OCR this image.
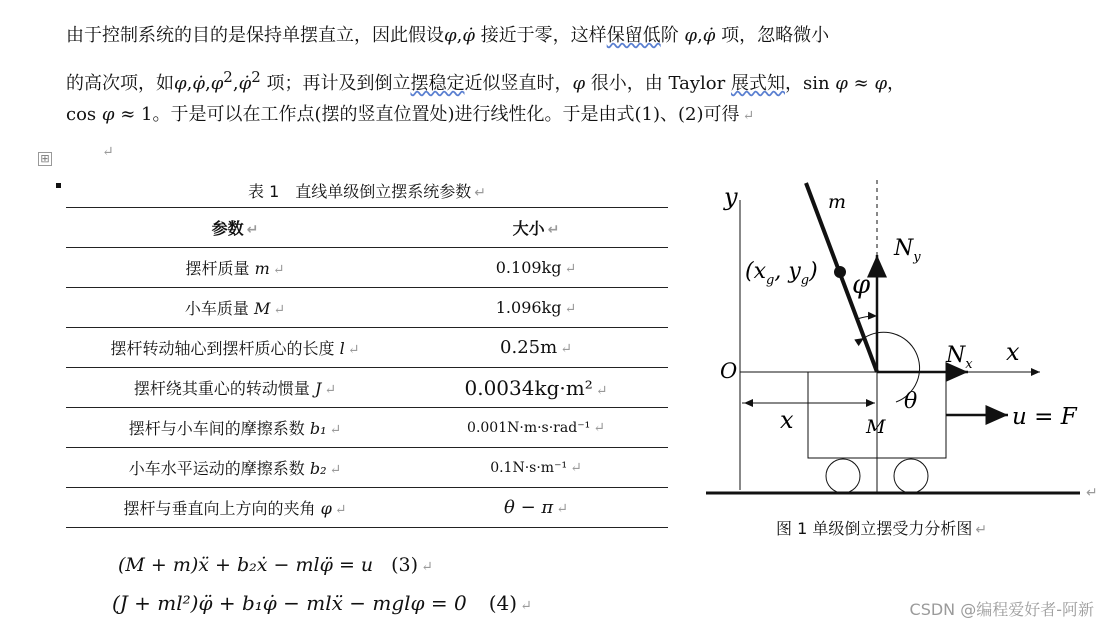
由于控制系统的目的是保持单摆直立，因此假设φ,φ̇ 接近于零，这样保留低阶 φ,φ̇ 项，忽略微小
的高次项，如$\varphi,\varphi̇,\varphi^2,\varphi̇^2$ 项；再计及到倒立摆稳定近似竖直时，φ 很小，由 Taylor 展式知，sin φ ≈ φ，
cos φ ≈ 1。于是可以在工作点(摆的竖直位置处)进行线性化。于是由式(1)、(2)可得 ↵
⊞	↵
表 1　直线单级倒立摆系统参数 ↵
参数 ↵	大小 ↵
摆杆质量 m ↵	0.109kg ↵
小车质量 M ↵	1.096kg ↵
摆杆转动轴心到摆杆质心的长度 l ↵	0.25m ↵
摆杆绕其重心的转动惯量 J ↵	0.0034kg·m² ↵
摆杆与小车间的摩擦系数 b₁ ↵	0.001N·m·s·rad⁻¹ ↵
小车水平运动的摩擦系数 b₂ ↵	0.1N·s·m⁻¹ ↵
摆杆与垂直向上方向的夹角 φ ↵	θ − π ↵
(M + m)ẍ + b₂ẋ − mlφ̈ = u (3) ↵
(J + ml²)φ̈ + b₁φ̇ − mlẍ − mglφ = 0 (4) ↵
y	m
$N_y$
($x_g$, $y_g$) φ
O
$N_x$ x
θ
x	M	u = F
↵
图 1 单级倒立摆受力分析图 ↵
CSDN @编程爱好者-阿新
